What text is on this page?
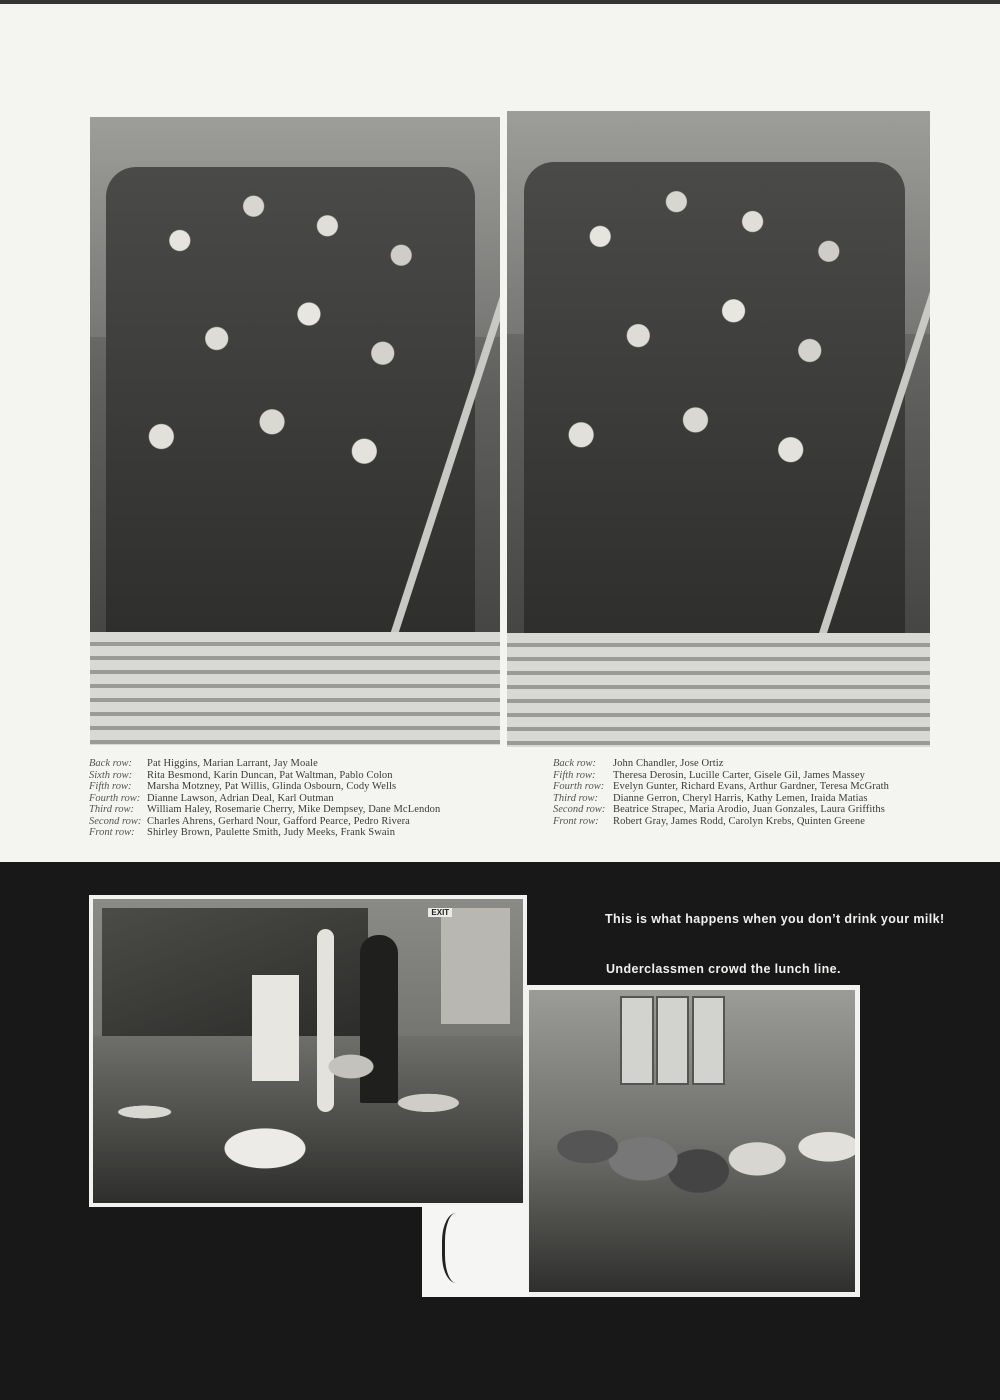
Back row:	Pat Higgins, Marian Larrant, Jay Moale
Sixth row:	Rita Besmond, Karin Duncan, Pat Waltman, Pablo Colon
Fifth row:	Marsha Motzney, Pat Willis, Glinda Osbourn, Cody Wells
Fourth row: Dianne Lawson, Adrian Deal, Karl Outman
Third row:	William Haley, Rosemarie Cherry, Mike Dempsey, Dane McLendon
Second row: Charles Ahrens, Gerhard Nour, Gafford Pearce, Pedro Rivera
Front row:	Shirley Brown, Paulette Smith, Judy Meeks, Frank Swain
Back row:	John Chandler, Jose Ortiz
Fifth row:	Theresa Derosin, Lucille Carter, Gisele Gil, James Massey
Fourth row: Evelyn Gunter, Richard Evans, Arthur Gardner, Teresa McGrath
Third row:	Dianne Gerron, Cheryl Harris, Kathy Lemen, Iraida Matias
Second row: Beatrice Strapec, Maria Arodio, Juan Gonzales, Laura Griffiths
Front row:	Robert Gray, James Rodd, Carolyn Krebs, Quinten Greene
EXIT	This is what happens when you don’t drink your milk!
Underclassmen crowd the lunch line.
